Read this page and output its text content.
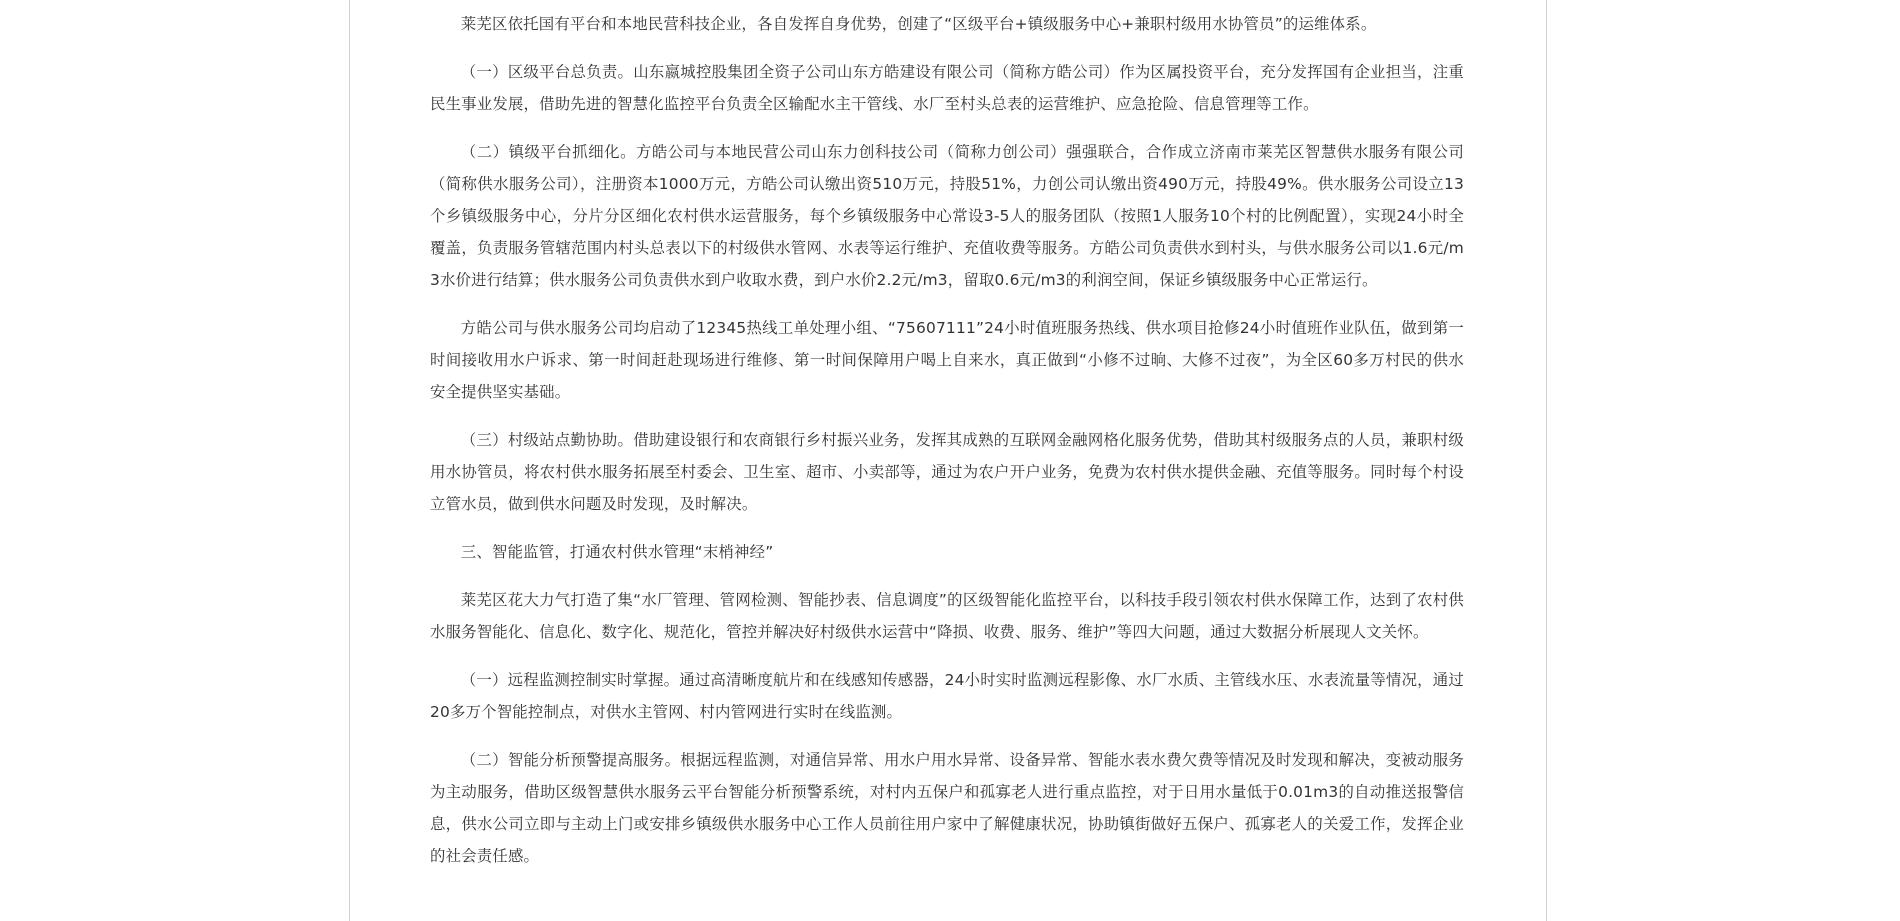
莱芜区依托国有平台和本地民营科技企业，各自发挥自身优势，创建了“区级平台+镇级服务中心+兼职村级用水协管员”的运维体系。

（一）区级平台总负责。山东嬴城控股集团全资子公司山东方皓建设有限公司（简称方皓公司）作为区属投资平台，充分发挥国有企业担当，注重民生事业发展，借助先进的智慧化监控平台负责全区输配水主干管线、水厂至村头总表的运营维护、应急抢险、信息管理等工作。

（二）镇级平台抓细化。方皓公司与本地民营公司山东力创科技公司（简称力创公司）强强联合，合作成立济南市莱芜区智慧供水服务有限公司（简称供水服务公司），注册资本1000万元，方皓公司认缴出资510万元，持股51%，力创公司认缴出资490万元，持股49%。供水服务公司设立13个乡镇级服务中心，分片分区细化农村供水运营服务，每个乡镇级服务中心常设3-5人的服务团队（按照1人服务10个村的比例配置），实现24小时全覆盖，负责服务管辖范围内村头总表以下的村级供水管网、水表等运行维护、充值收费等服务。方皓公司负责供水到村头，与供水服务公司以1.6元/m3水价进行结算；供水服务公司负责供水到户收取水费，到户水价2.2元/m3，留取0.6元/m3的利润空间，保证乡镇级服务中心正常运行。

方皓公司与供水服务公司均启动了12345热线工单处理小组、“75607111”24小时值班服务热线、供水项目抢修24小时值班作业队伍，做到第一时间接收用水户诉求、第一时间赶赴现场进行维修、第一时间保障用户喝上自来水，真正做到“小修不过晌、大修不过夜”，为全区60多万村民的供水安全提供坚实基础。

（三）村级站点勤协助。借助建设银行和农商银行乡村振兴业务，发挥其成熟的互联网金融网格化服务优势，借助其村级服务点的人员，兼职村级用水协管员，将农村供水服务拓展至村委会、卫生室、超市、小卖部等，通过为农户开户业务，免费为农村供水提供金融、充值等服务。同时每个村设立管水员，做到供水问题及时发现，及时解决。

三、智能监管，打通农村供水管理“末梢神经”

莱芜区花大力气打造了集“水厂管理、管网检测、智能抄表、信息调度”的区级智能化监控平台，以科技手段引领农村供水保障工作，达到了农村供水服务智能化、信息化、数字化、规范化，管控并解决好村级供水运营中“降损、收费、服务、维护”等四大问题，通过大数据分析展现人文关怀。

（一）远程监测控制实时掌握。通过高清晰度航片和在线感知传感器，24小时实时监测远程影像、水厂水质、主管线水压、水表流量等情况，通过20多万个智能控制点，对供水主管网、村内管网进行实时在线监测。

（二）智能分析预警提高服务。根据远程监测，对通信异常、用水户用水异常、设备异常、智能水表水费欠费等情况及时发现和解决，变被动服务为主动服务，借助区级智慧供水服务云平台智能分析预警系统，对村内五保户和孤寡老人进行重点监控，对于日用水量低于0.01m3的自动推送报警信息，供水公司立即与主动上门或安排乡镇级供水服务中心工作人员前往用户家中了解健康状况，协助镇街做好五保户、孤寡老人的关爱工作，发挥企业的社会责任感。
